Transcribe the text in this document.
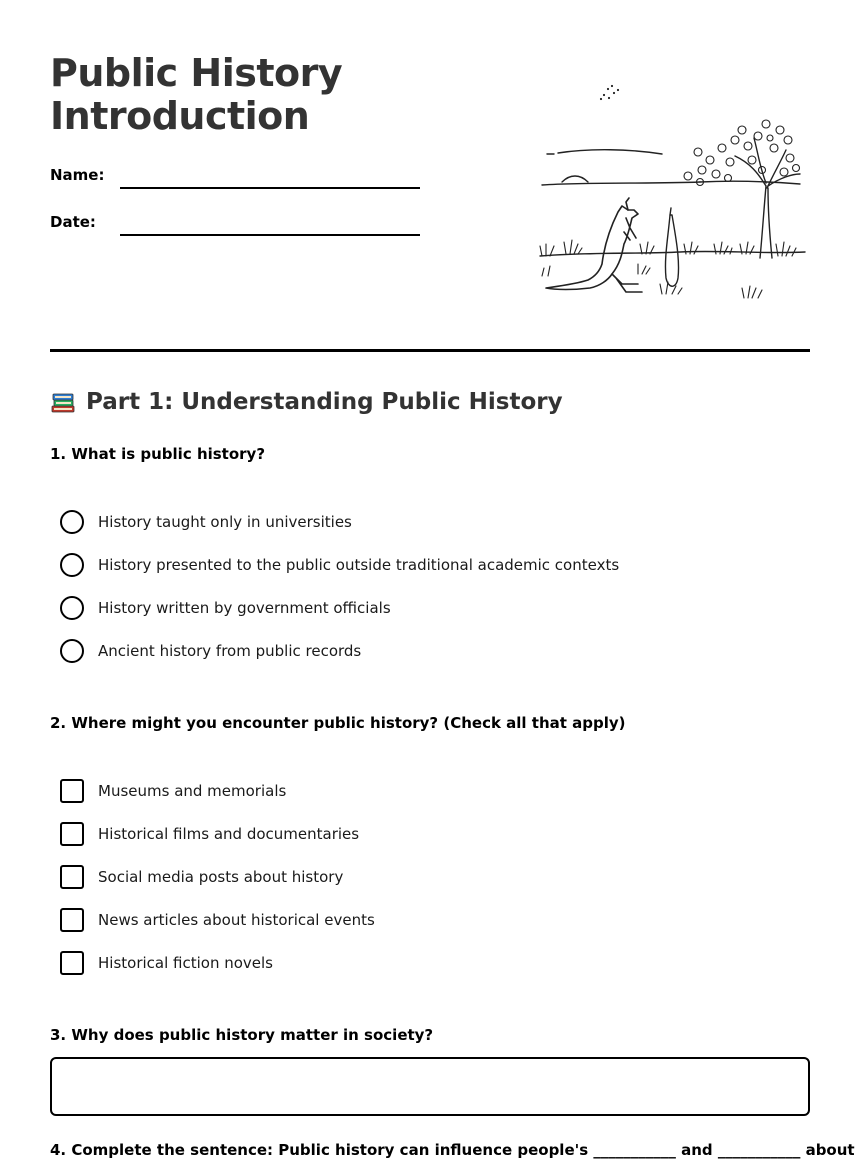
Public History
Introduction
Name:
Date:
Part 1: Understanding Public History
1. What is public history?
History taught only in universities
History presented to the public outside traditional academic contexts
History written by government officials
Ancient history from public records
2. Where might you encounter public history? (Check all that apply)
Museums and memorials
Historical films and documentaries
Social media posts about history
News articles about historical events
Historical fiction novels
3. Why does public history matter in society?
4. Complete the sentence: Public history can influence people's ___________ and ___________ about
